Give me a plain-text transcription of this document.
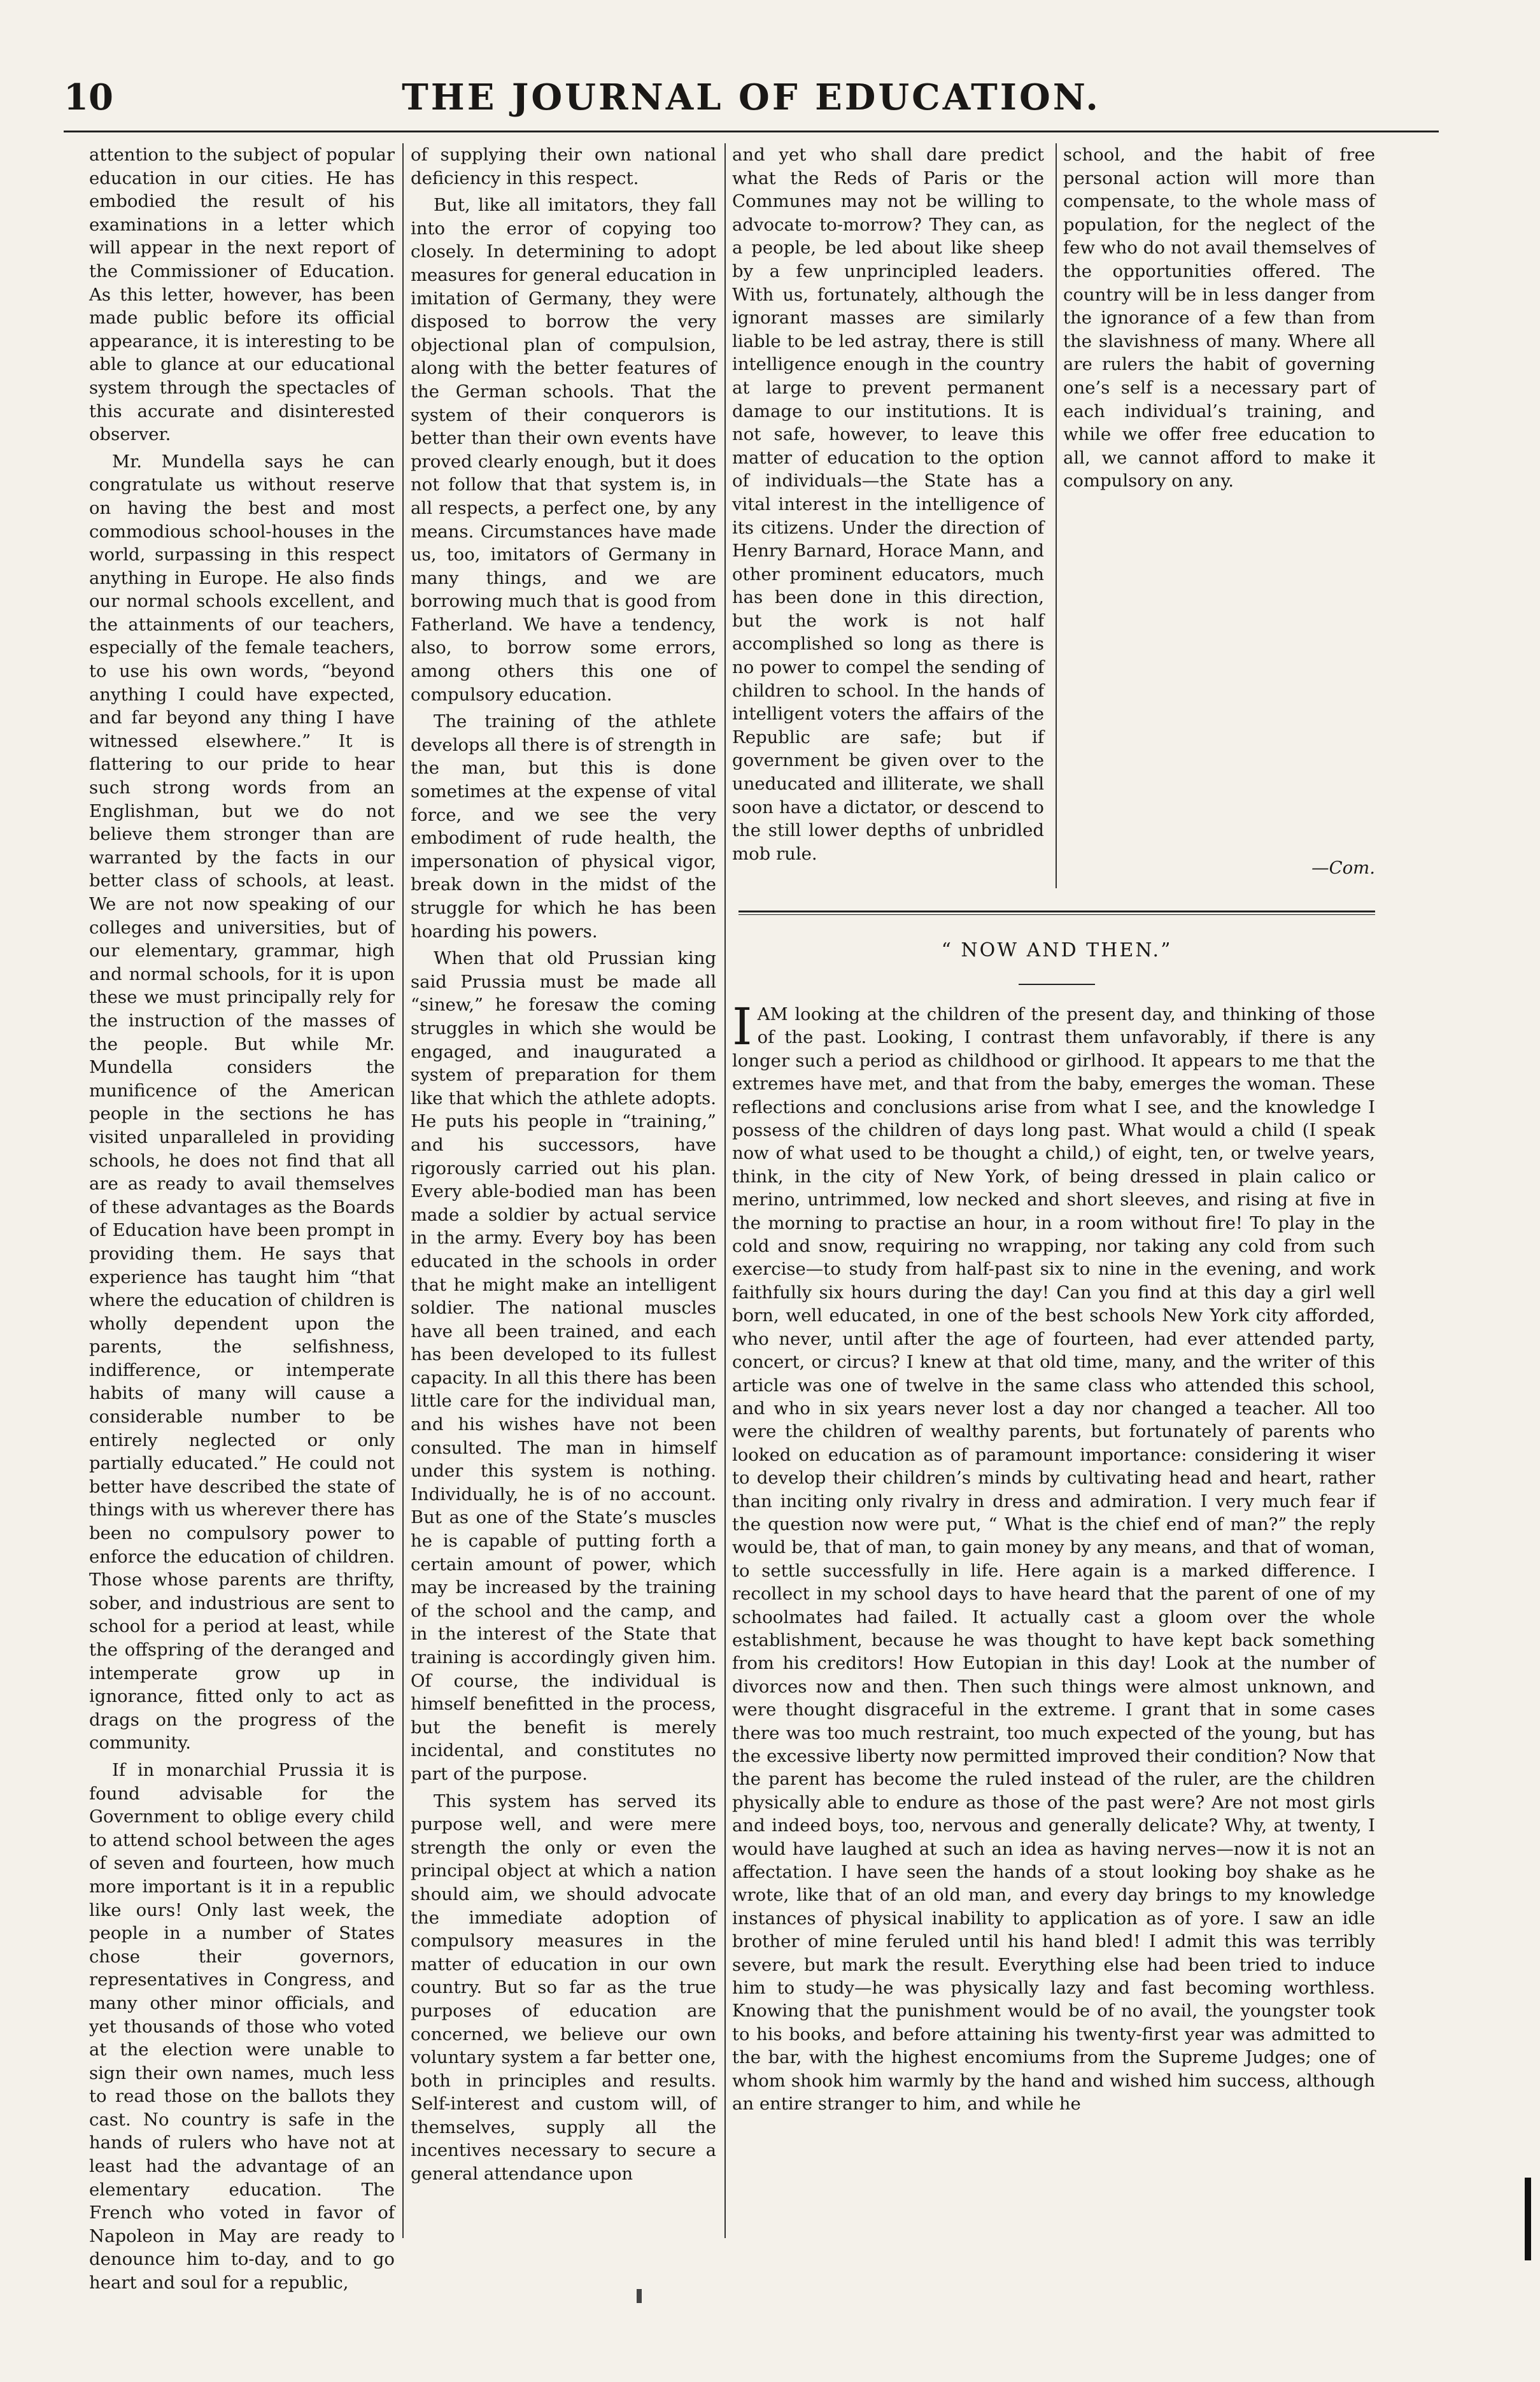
THE JOURNAL OF EDUCATION.
10

attention to the subject of popular education in our cities. He has embodied the result of his examinations in a letter which will appear in the next report of the Commissioner of Education. As this letter, however, has been made public before its official appearance, it is interesting to be able to glance at our educational system through the spectacles of this accurate and disinterested observer.

Mr. Mundella says he can congratulate us without reserve on having the best and most commodious school-houses in the world, surpassing in this respect anything in Europe. He also finds our normal schools excellent, and the attainments of our teachers, especially of the female teachers, to use his own words, “beyond anything I could have expected, and far beyond any thing I have witnessed elsewhere.” It is flattering to our pride to hear such strong words from an Englishman, but we do not believe them stronger than are warranted by the facts in our better class of schools, at least. We are not now speaking of our colleges and universities, but of our elementary, grammar, high and normal schools, for it is upon these we must principally rely for the instruction of the masses of the people. But while Mr. Mundella considers the munificence of the American people in the sections he has visited unparalleled in providing schools, he does not find that all are as ready to avail themselves of these advantages as the Boards of Education have been prompt in providing them. He says that experience has taught him “that where the education of children is wholly dependent upon the parents, the selfishness, indifference, or intemperate habits of many will cause a considerable number to be entirely neglected or only partially educated.” He could not better have described the state of things with us wherever there has been no compulsory power to enforce the education of children. Those whose parents are thrifty, sober, and industrious are sent to school for a period at least, while the offspring of the deranged and intemperate grow up in ignorance, fitted only to act as drags on the progress of the community.

If in monarchial Prussia it is found advisable for the Government to oblige every child to attend school between the ages of seven and fourteen, how much more important is it in a republic like ours! Only last week, the people in a number of States chose their governors, representatives in Congress, and many other minor officials, and yet thousands of those who voted at the election were unable to sign their own names, much less to read those on the ballots they cast. No country is safe in the hands of rulers who have not at least had the advantage of an elementary education. The French who voted in favor of Napoleon in May are ready to denounce him to-day, and to go heart and soul for a republic,

of supplying their own national deficiency in this respect.

But, like all imitators, they fall into the error of copying too closely. In determining to adopt measures for general education in imitation of Germany, they were disposed to borrow the very objectional plan of compulsion, along with the better features of the German schools. That the system of their conquerors is better than their own events have proved clearly enough, but it does not follow that that system is, in all respects, a perfect one, by any means. Circumstances have made us, too, imitators of Germany in many things, and we are borrowing much that is good from Fatherland. We have a tendency, also, to borrow some errors, among others this one of compulsory education.

The training of the athlete develops all there is of strength in the man, but this is done sometimes at the expense of vital force, and we see the very embodiment of rude health, the impersonation of physical vigor, break down in the midst of the struggle for which he has been hoarding his powers.

When that old Prussian king said Prussia must be made all “sinew,” he foresaw the coming struggles in which she would be engaged, and inaugurated a system of preparation for them like that which the athlete adopts. He puts his people in “training,” and his successors, have rigorously carried out his plan. Every able-bodied man has been made a soldier by actual service in the army. Every boy has been educated in the schools in order that he might make an intelligent soldier. The national muscles have all been trained, and each has been developed to its fullest capacity. In all this there has been little care for the individual man, and his wishes have not been consulted. The man in himself under this system is nothing. Individually, he is of no account. But as one of the State’s muscles he is capable of putting forth a certain amount of power, which may be increased by the training of the school and the camp, and in the interest of the State that training is accordingly given him. Of course, the individual is himself benefitted in the process, but the benefit is merely incidental, and constitutes no part of the purpose.

This system has served its purpose well, and were mere strength the only or even the principal object at which a nation should aim, we should advocate the immediate adoption of compulsory measures in the matter of education in our own country. But so far as the true purposes of education are concerned, we believe our own voluntary system a far better one, both in principles and results. Self-interest and custom will, of themselves, supply all the incentives necessary to secure a general attendance upon

and yet who shall dare predict what the Reds of Paris or the Communes may not be willing to advocate to-morrow? They can, as a people, be led about like sheep by a few unprincipled leaders. With us, fortunately, although the ignorant masses are similarly liable to be led astray, there is still intelligence enough in the country at large to prevent permanent damage to our institutions. It is not safe, however, to leave this matter of education to the option of individuals—the State has a vital interest in the intelligence of its citizens. Under the direction of Henry Barnard, Horace Mann, and other prominent educators, much has been done in this direction, but the work is not half accomplished so long as there is no power to compel the sending of children to school. In the hands of intelligent voters the affairs of the Republic are safe; but if government be given over to the uneducated and illiterate, we shall soon have a dictator, or descend to the still lower depths of unbridled mob rule.

school, and the habit of free personal action will more than compensate, to the whole mass of population, for the neglect of the few who do not avail themselves of the opportunities offered. The country will be in less danger from the ignorance of a few than from the slavishness of many. Where all are rulers the habit of governing one’s self is a necessary part of each individual’s training, and while we offer free education to all, we cannot afford to make it compulsory on any.

—Com.
“ NOW AND THEN.”
I AM looking at the children of the present day, and thinking of those of the past. Looking, I contrast them unfavorably, if there is any longer such a period as childhood or girlhood. It appears to me that the extremes have met, and that from the baby, emerges the woman. These reflections and conclusions arise from what I see, and the knowledge I possess of the children of days long past. What would a child (I speak now of what used to be thought a child,) of eight, ten, or twelve years, think, in the city of New York, of being dressed in plain calico or merino, untrimmed, low necked and short sleeves, and rising at five in the morning to practise an hour, in a room without fire! To play in the cold and snow, requiring no wrapping, nor taking any cold from such exercise—to study from half-past six to nine in the evening, and work faithfully six hours during the day! Can you find at this day a girl well born, well educated, in one of the best schools New York city afforded, who never, until after the age of fourteen, had ever attended party, concert, or circus? I knew at that old time, many, and the writer of this article was one of twelve in the same class who attended this school, and who in six years never lost a day nor changed a teacher. All too were the children of wealthy parents, but fortunately of parents who looked on education as of paramount importance: considering it wiser to develop their children’s minds by cultivating head and heart, rather than inciting only rivalry in dress and admiration. I very much fear if the question now were put, “ What is the chief end of man?” the reply would be, that of man, to gain money by any means, and that of woman, to settle successfully in life. Here again is a marked difference. I recollect in my school days to have heard that the parent of one of my schoolmates had failed. It actually cast a gloom over the whole establishment, because he was thought to have kept back something from his creditors! How Eutopian in this day! Look at the number of divorces now and then. Then such things were almost unknown, and were thought disgraceful in the extreme. I grant that in some cases there was too much restraint, too much expected of the young, but has the excessive liberty now permitted improved their condition? Now that the parent has become the ruled instead of the ruler, are the children physically able to endure as those of the past were? Are not most girls and indeed boys, too, nervous and generally delicate? Why, at twenty, I would have laughed at such an idea as having nerves—now it is not an affectation. I have seen the hands of a stout looking boy shake as he wrote, like that of an old man, and every day brings to my knowledge instances of physical inability to application as of yore. I saw an idle brother of mine feruled until his hand bled! I admit this was terribly severe, but mark the result. Everything else had been tried to induce him to study—he was physically lazy and fast becoming worthless. Knowing that the punishment would be of no avail, the youngster took to his books, and before attaining his twenty-first year was admitted to the bar, with the highest encomiums from the Supreme Judges; one of whom shook him warmly by the hand and wished him success, although an entire stranger to him, and while he
